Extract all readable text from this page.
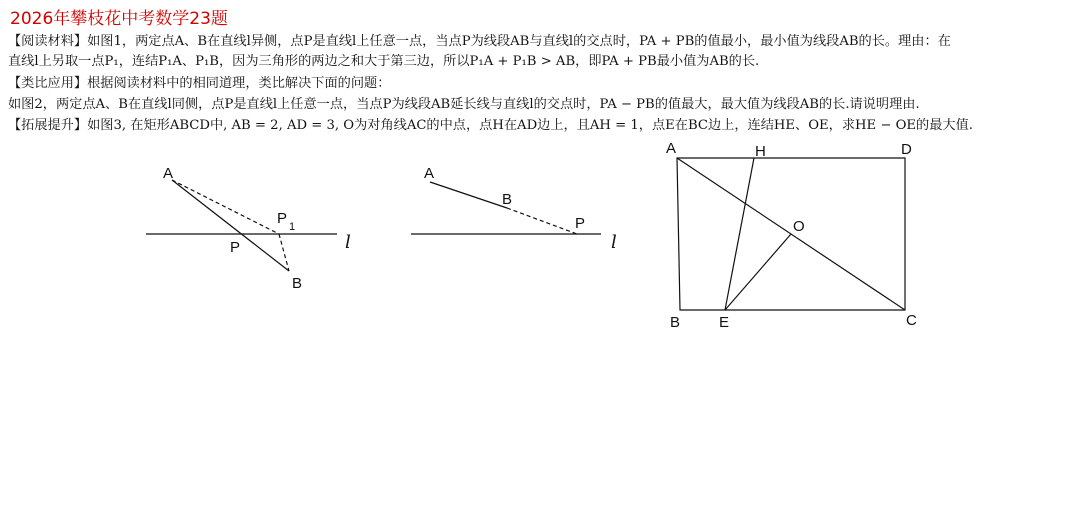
2026年攀枝花中考数学23题
【阅读材料】如图1，两定点A、B在直线l异侧，点P是直线l上任意一点，当点P为线段AB与直线l的交点时，PA + PB的值最小，最小值为线段AB的长。理由：在
直线l上另取一点P₁，连结P₁A、P₁B，因为三角形的两边之和大于第三边，所以P₁A + P₁B > AB，即PA + PB最小值为AB的长.
【类比应用】根据阅读材料中的相同道理，类比解决下面的问题：
如图2，两定点A、B在直线l同侧，点P是直线l上任意一点，当点P为线段AB延长线与直线l的交点时，PA − PB的值最大，最大值为线段AB的长.请说明理由.
【拓展提升】如图3, 在矩形ABCD中, AB = 2, AD = 3, O为对角线AC的中点，点H在AD边上，且AH = 1，点E在BC边上，连结HE、OE，求HE − OE的最大值.
A
B
P
P 1
l
A
B
P
l
A	H	D
O
B	E	C
